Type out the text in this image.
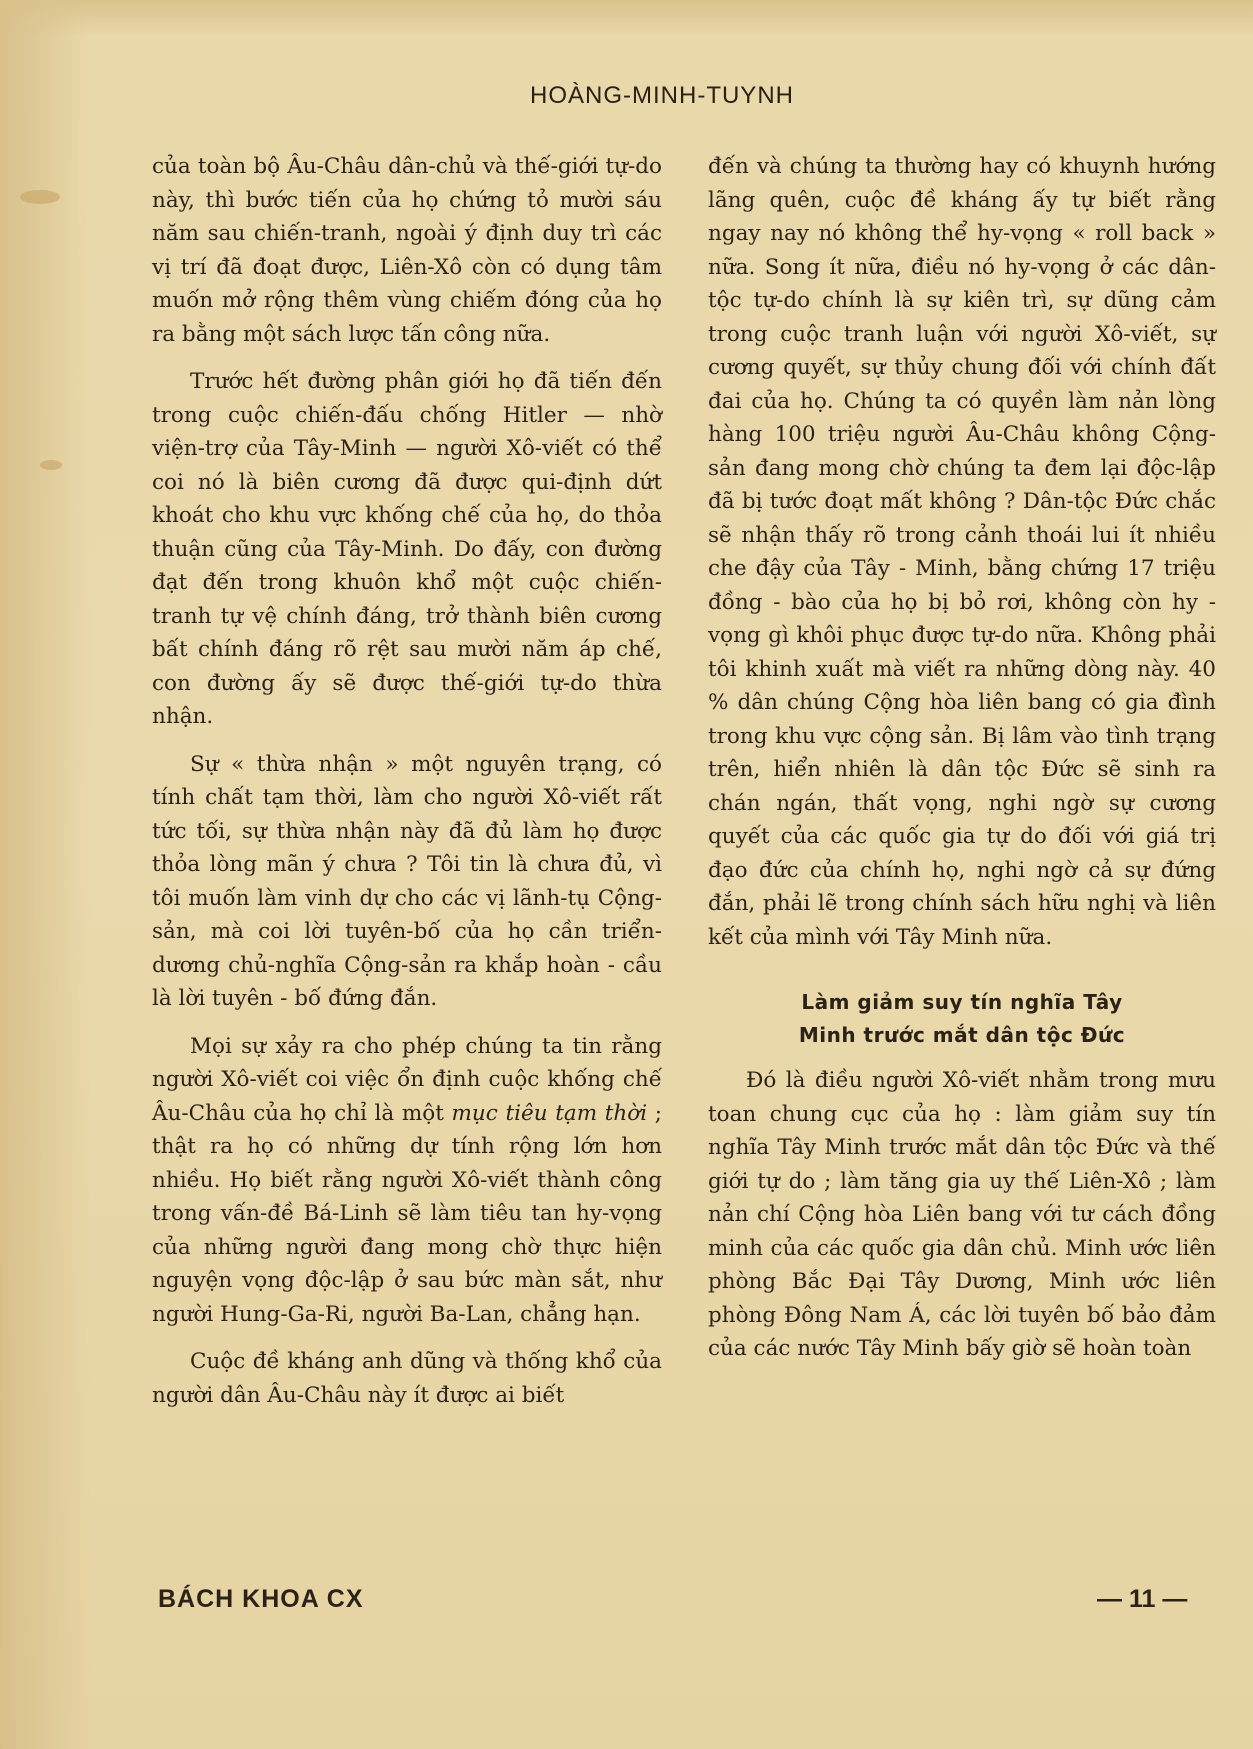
HOÀNG-MINH-TUYNH

của toàn bộ Âu-Châu dân-chủ và thế-giới tự-do này, thì bước tiến của họ chứng tỏ mười sáu năm sau chiến-tranh, ngoài ý định duy trì các vị trí đã đoạt được, Liên-Xô còn có dụng tâm muốn mở rộng thêm vùng chiếm đóng của họ ra bằng một sách lược tấn công nữa.

Trước hết đường phân giới họ đã tiến đến trong cuộc chiến-đấu chống Hitler — nhờ viện-trợ của Tây-Minh — người Xô-viết có thể coi nó là biên cương đã được qui-định dứt khoát cho khu vực khống chế của họ, do thỏa thuận cũng của Tây-Minh. Do đấy, con đường đạt đến trong khuôn khổ một cuộc chiến-tranh tự vệ chính đáng, trở thành biên cương bất chính đáng rõ rệt sau mười năm áp chế, con đường ấy sẽ được thế-giới tự-do thừa nhận.

Sự « thừa nhận » một nguyên trạng, có tính chất tạm thời, làm cho người Xô-viết rất tức tối, sự thừa nhận này đã đủ làm họ được thỏa lòng mãn ý chưa ? Tôi tin là chưa đủ, vì tôi muốn làm vinh dự cho các vị lãnh-tụ Cộng-sản, mà coi lời tuyên-bố của họ cần triển-dương chủ-nghĩa Cộng-sản ra khắp hoàn - cầu là lời tuyên - bố đứng đắn.

Mọi sự xảy ra cho phép chúng ta tin rằng người Xô-viết coi việc ổn định cuộc khống chế Âu-Châu của họ chỉ là một mục tiêu tạm thời ; thật ra họ có những dự tính rộng lớn hơn nhiều. Họ biết rằng người Xô-viết thành công trong vấn-đề Bá-Linh sẽ làm tiêu tan hy-vọng của những người đang mong chờ thực hiện nguyện vọng độc-lập ở sau bức màn sắt, như người Hung-Ga-Ri, người Ba-Lan, chẳng hạn.

Cuộc đề kháng anh dũng và thống khổ của người dân Âu-Châu này ít được ai biết

đến và chúng ta thường hay có khuynh hướng lãng quên, cuộc đề kháng ấy tự biết rằng ngay nay nó không thể hy-vọng « roll back » nữa. Song ít nữa, điều nó hy-vọng ở các dân-tộc tự-do chính là sự kiên trì, sự dũng cảm trong cuộc tranh luận với người Xô-viết, sự cương quyết, sự thủy chung đối với chính đất đai của họ. Chúng ta có quyền làm nản lòng hàng 100 triệu người Âu-Châu không Cộng-sản đang mong chờ chúng ta đem lại độc-lập đã bị tước đoạt mất không ? Dân-tộc Đức chắc sẽ nhận thấy rõ trong cảnh thoái lui ít nhiều che đậy của Tây - Minh, bằng chứng 17 triệu đồng - bào của họ bị bỏ rơi, không còn hy - vọng gì khôi phục được tự-do nữa. Không phải tôi khinh xuất mà viết ra những dòng này. 40 % dân chúng Cộng hòa liên bang có gia đình trong khu vực cộng sản. Bị lâm vào tình trạng trên, hiển nhiên là dân tộc Đức sẽ sinh ra chán ngán, thất vọng, nghi ngờ sự cương quyết của các quốc gia tự do đối với giá trị đạo đức của chính họ, nghi ngờ cả sự đứng đắn, phải lẽ trong chính sách hữu nghị và liên kết của mình với Tây Minh nữa.

Làm giảm suy tín nghĩa Tây
Minh trước mắt dân tộc Đức

Đó là điều người Xô-viết nhằm trong mưu toan chung cục của họ : làm giảm suy tín nghĩa Tây Minh trước mắt dân tộc Đức và thế giới tự do ; làm tăng gia uy thế Liên-Xô ; làm nản chí Cộng hòa Liên bang với tư cách đồng minh của các quốc gia dân chủ. Minh ước liên phòng Bắc Đại Tây Dương, Minh ước liên phòng Đông Nam Á, các lời tuyên bố bảo đảm của các nước Tây Minh bấy giờ sẽ hoàn toàn

BÁCH KHOA CX	— 11 —
